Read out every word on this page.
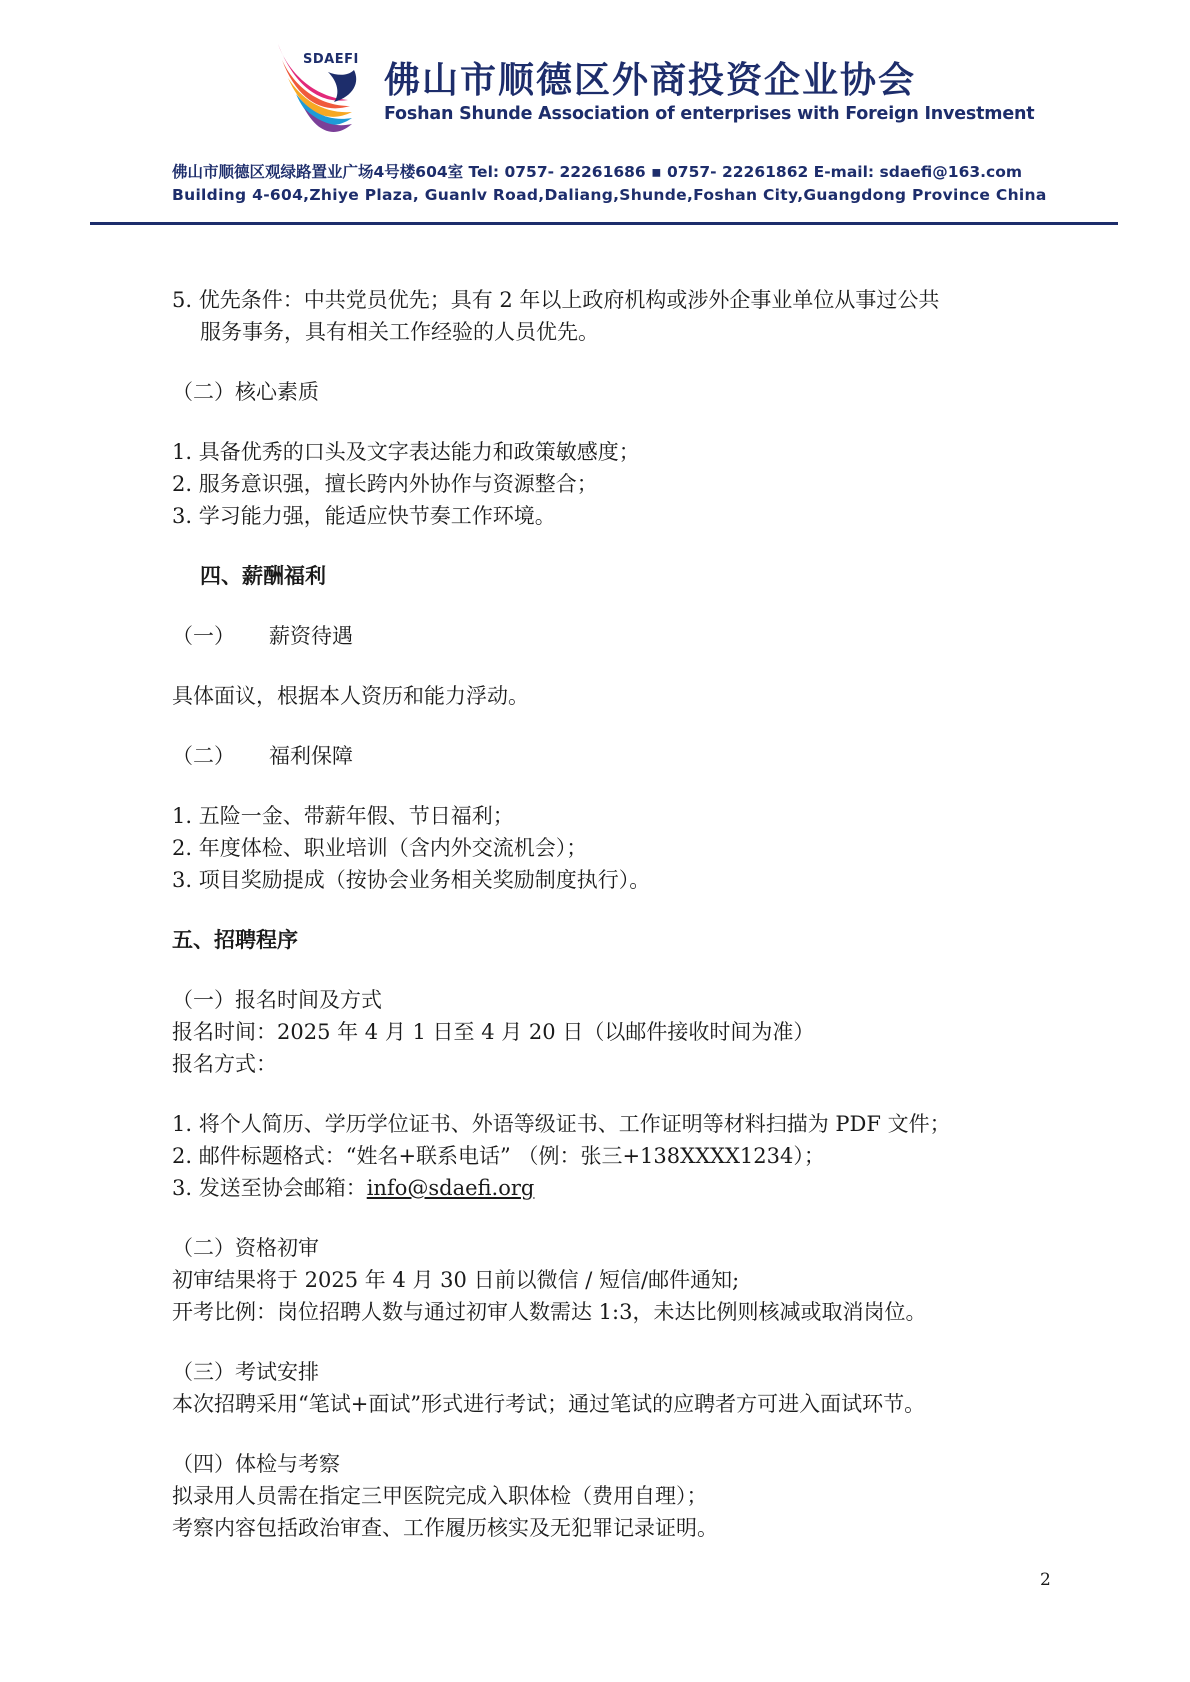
SDAEFI
佛山市顺德区外商投资企业协会
Foshan Shunde Association of enterprises with Foreign Investment
佛山市顺德区观绿路置业广场4号楼604室 Tel: 0757- 22261686 ▪ 0757- 22261862 E-mail: sdaefi@163.com
Building 4-604,Zhiye Plaza, Guanlv Road,Daliang,Shunde,Foshan City,Guangdong Province China
5. 优先条件：中共党员优先；具有 2 年以上政府机构或涉外企事业单位从事过公共
服务事务，具有相关工作经验的人员优先。
（二）核心素质
1. 具备优秀的口头及文字表达能力和政策敏感度；
2. 服务意识强，擅长跨内外协作与资源整合；
3. 学习能力强，能适应快节奏工作环境。
四、薪酬福利
（一） 薪资待遇
具体面议，根据本人资历和能力浮动。
（二） 福利保障
1. 五险一金、带薪年假、节日福利；
2. 年度体检、职业培训（含内外交流机会）；
3. 项目奖励提成（按协会业务相关奖励制度执行）。
五、招聘程序
（一）报名时间及方式
报名时间：2025 年 4 月 1 日至 4 月 20 日（以邮件接收时间为准）
报名方式：
1. 将个人简历、学历学位证书、外语等级证书、工作证明等材料扫描为 PDF 文件；
2. 邮件标题格式：“姓名+联系电话” （例：张三+138XXXX1234）；
3. 发送至协会邮箱：info@sdaefi.org
（二）资格初审
初审结果将于 2025 年 4 月 30 日前以微信 / 短信/邮件通知;
开考比例：岗位招聘人数与通过初审人数需达 1:3，未达比例则核减或取消岗位。
（三）考试安排
本次招聘采用“笔试+面试”形式进行考试；通过笔试的应聘者方可进入面试环节。
（四）体检与考察
拟录用人员需在指定三甲医院完成入职体检（费用自理）；
考察内容包括政治审查、工作履历核实及无犯罪记录证明。
2
